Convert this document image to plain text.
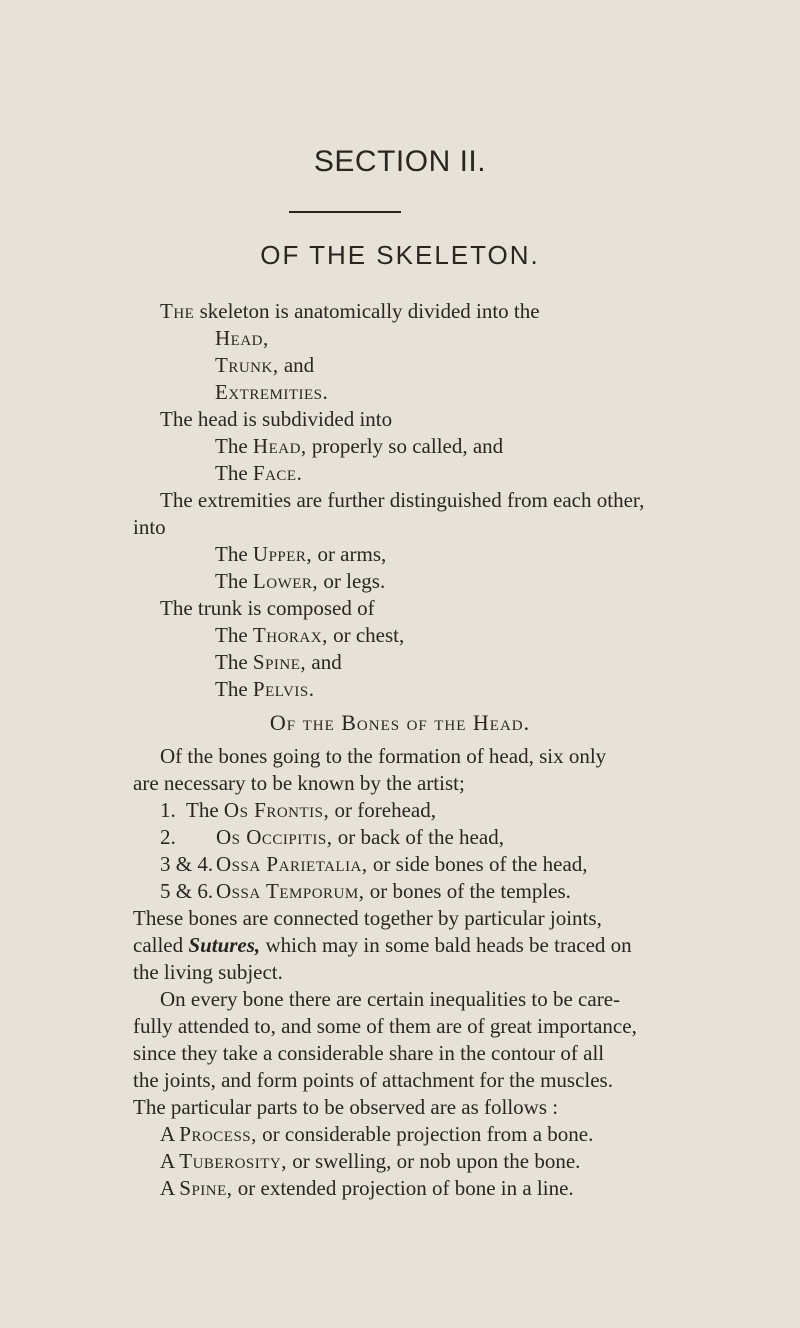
SECTION II.
OF THE SKELETON.
The skeleton is anatomically divided into the
Head,
Trunk, and
Extremities.
The head is subdivided into
The Head, properly so called, and
The Face.
The extremities are further distinguished from each other,
into
The Upper, or arms,
The Lower, or legs.
The trunk is composed of
The Thorax, or chest,
The Spine, and
The Pelvis.
Of the Bones of the Head.
Of the bones going to the formation of head, six only
are necessary to be known by the artist;
1. The Os Frontis, or forehead,
2. Os Occipitis, or back of the head,
3 & 4. Ossa Parietalia, or side bones of the head,
5 & 6. Ossa Temporum, or bones of the temples.
These bones are connected together by particular joints,
called Sutures, which may in some bald heads be traced on
the living subject.
On every bone there are certain inequalities to be care-
fully attended to, and some of them are of great importance,
since they take a considerable share in the contour of all
the joints, and form points of attachment for the muscles.
The particular parts to be observed are as follows :
A Process, or considerable projection from a bone.
A Tuberosity, or swelling, or nob upon the bone.
A Spine, or extended projection of bone in a line.
